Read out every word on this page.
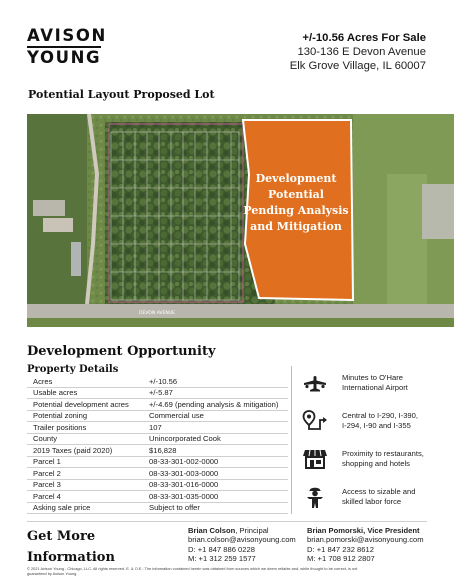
AVISON
YOUNG
+/-10.56 Acres For Sale
130-136 E Devon Avenue
Elk Grove Village, IL 60007
Potential Layout Proposed Lot
Development
Potential
Pending Analysis
and Mitigation
DEVON AVENUE
Development Opportunity
Property Details
Acres	+/-10.56
Usable acres	+/-5.87
Potential development acres	+/-4.69 (pending analysis & mitigation)
Potential zoning	Commercial use
Trailer positions	107
County	Unincorporated Cook
2019 Taxes (paid 2020)	$16,828
Parcel 1	08-33-301-002-0000
Parcel 2	08-33-301-003-0000
Parcel 3	08-33-301-016-0000
Parcel 4	08-33-301-035-0000
Asking sale price	Subject to offer
Minutes to O'Hare
International Airport
Central to I-290, I-390,
I-294, I-90 and I-355
Proximity to restaurants,
shopping and hotels
Access to sizable and
skilled labor force
Get More
Information
Brian Colson, Principal
brian.colson@avisonyoung.com
D: +1 847 886 0228
M: +1 312 259 1577
Brian Pomorski, Vice President
brian.pomorski@avisonyoung.com
D: +1 847 232 8612
M: +1 708 912 2807
© 2021 Avison Young - Chicago, LLC. All rights reserved. E. & O.E.: The information contained herein was obtained from sources which we deem reliable and, while thought to be correct, is not
guaranteed by Avison Young.
